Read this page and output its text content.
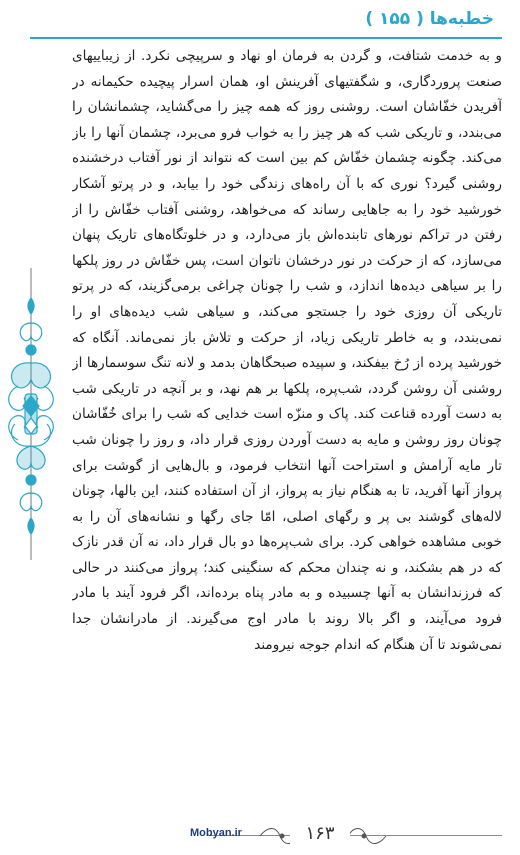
خطبه‌ها ( ۱۵۵ )

و به خدمت شتافت، و گردن به فرمان او نهاد و سرپیچی نکرد. از زیباییهای صنعت پروردگاری، و شگفتیهای آفرینش او، همان اسرار پیچیده حکیمانه در آفریدن خفّاشان است. روشنی روز که همه چیز را می‌گشاید، چشمانشان را می‌بندد، و تاریکی شب که هر چیز را به خواب فرو می‌برد، چشمان آنها را باز می‌کند. چگونه چشمان خفّاش کم بین است که نتواند از نور آفتاب درخشنده روشنی گیرد؟ نوری که با آن راه‌های زندگی خود را بیابد، و در پرتو آشکار خورشید خود را به جاهایی رساند که می‌خواهد، روشنی آفتاب خفّاش را از رفتن در تراکم نورهای تابنده‌اش باز می‌دارد، و در خلوتگاه‌های تاریک پنهان می‌سازد، که از حرکت در نور درخشان ناتوان است، پس خفّاش در روز پلکها را بر سیاهی دیده‌ها اندازد، و شب را چونان چراغی برمی‌گزیند، که در پرتو تاریکی آن روزی خود را جستجو می‌کند، و سیاهی شب دیده‌های او را نمی‌بندد، و به خاطر تاریکی زیاد، از حرکت و تلاش باز نمی‌ماند. آنگاه که خورشید پرده از رُخ بیفکند، و سپیده صبحگاهان بدمد و لانه تنگ سوسمارها از روشنی آن روشن گردد، شب‌پره، پلکها بر هم نهد، و بر آنچه در تاریکی شب به دست آورده قناعت کند. پاک و منزّه است خدایی که شب را برای خُفّاشان چونان روز روشن و مایه به دست آوردن روزی قرار داد، و روز را چونان شب تار مایه آرامش و استراحت آنها انتخاب فرمود، و بال‌هایی از گوشت برای پرواز آنها آفرید، تا به هنگام نیاز به پرواز، از آن استفاده کنند، این بالها، چونان لاله‌های گوشند بی پر و رگهای اصلی، امّا جای رگها و نشانه‌های آن را به خوبی مشاهده خواهی کرد. برای شب‌پره‌ها دو بال قرار داد، نه آن قدر نازک که در هم بشکند، و نه چندان محکم که سنگینی کند؛ پرواز می‌کنند در حالی که فرزندانشان به آنها چسبیده و به مادر پناه برده‌اند، اگر فرود آیند با مادر فرود می‌آیند، و اگر بالا روند با مادر اوج می‌گیرند. از مادرانشان جدا نمی‌شوند تا آن هنگام که اندام جوجه نیرومند

۱۶۳
Mobyan.ir
